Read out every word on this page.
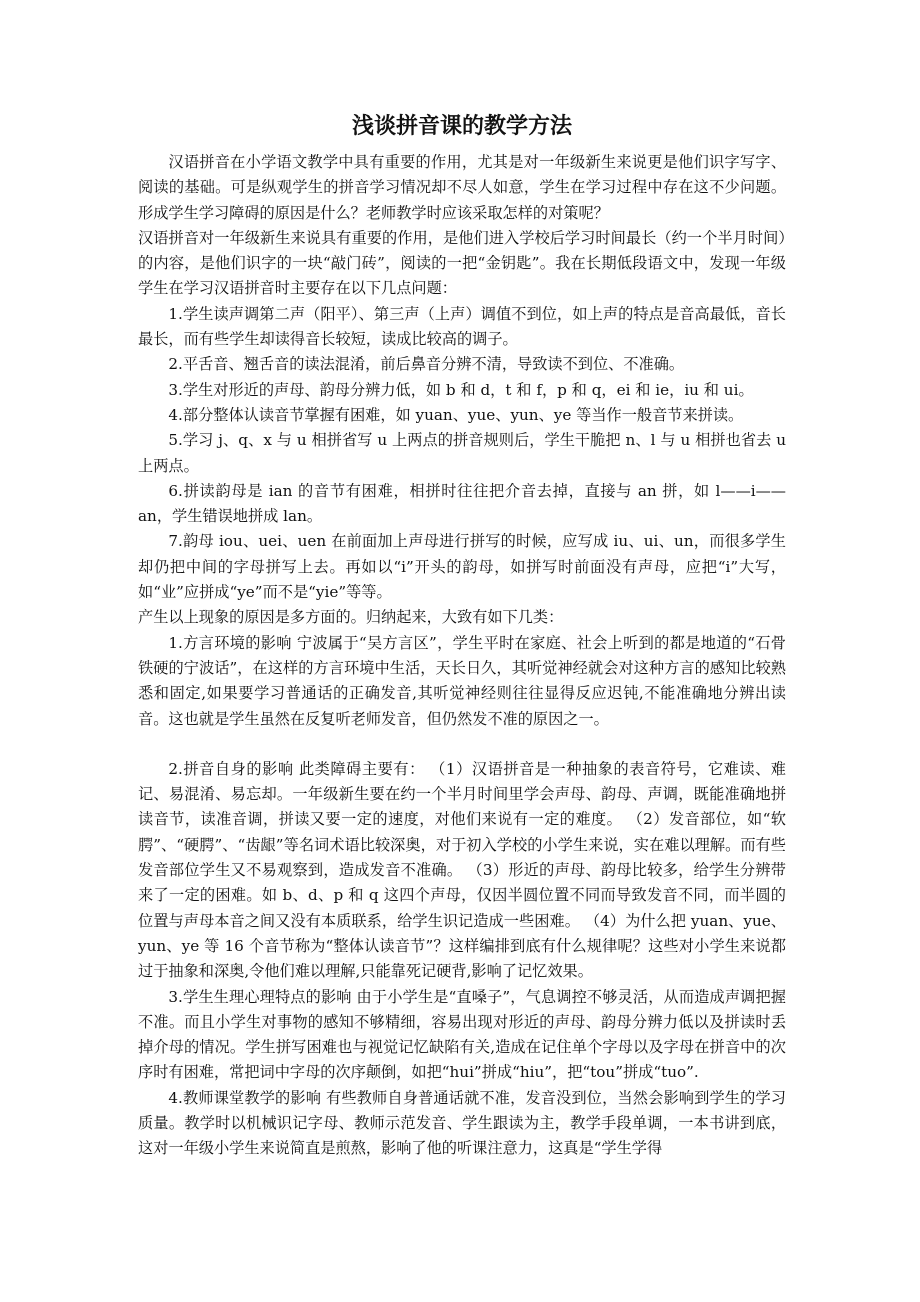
浅谈拼音课的教学方法

汉语拼音在小学语文教学中具有重要的作用，尤其是对一年级新生来说更是他们识字写字、阅读的基础。可是纵观学生的拼音学习情况却不尽人如意，学生在学习过程中存在这不少问题。形成学生学习障碍的原因是什么？老师教学时应该采取怎样的对策呢？

汉语拼音对一年级新生来说具有重要的作用，是他们进入学校后学习时间最长（约一个半月时间）的内容，是他们识字的一块“敲门砖”，阅读的一把“金钥匙”。我在长期低段语文中，发现一年级学生在学习汉语拼音时主要存在以下几点问题：

1.学生读声调第二声（阳平）、第三声（上声）调值不到位，如上声的特点是音高最低，音长最长，而有些学生却读得音长较短，读成比较高的调子。

2.平舌音、翘舌音的读法混淆，前后鼻音分辨不清，导致读不到位、不准确。

3.学生对形近的声母、韵母分辨力低，如 b 和 d，t 和 f，p 和 q，ei 和 ie，iu 和 ui。

4.部分整体认读音节掌握有困难，如 yuan、yue、yun、ye 等当作一般音节来拼读。

5.学习 j、q、x 与 u 相拼省写 u 上两点的拼音规则后，学生干脆把 n、l 与 u 相拼也省去 u 上两点。

6.拼读韵母是 ian 的音节有困难，相拼时往往把介音去掉，直接与 an 拼，如 l——i——an，学生错误地拼成 lan。

7.韵母 iou、uei、uen 在前面加上声母进行拼写的时候，应写成 iu、ui、un，而很多学生却仍把中间的字母拼写上去。再如以“i”开头的韵母，如拼写时前面没有声母，应把“i”大写，如“业”应拼成“ye”而不是“yie”等等。

产生以上现象的原因是多方面的。归纳起来，大致有如下几类：

1.方言环境的影响 宁波属于“吴方言区”，学生平时在家庭、社会上听到的都是地道的“石骨铁硬的宁波话”，在这样的方言环境中生活，天长日久，其听觉神经就会对这种方言的感知比较熟悉和固定,如果要学习普通话的正确发音,其听觉神经则往往显得反应迟钝,不能准确地分辨出读音。这也就是学生虽然在反复听老师发音，但仍然发不准的原因之一。

2.拼音自身的影响 此类障碍主要有： （1）汉语拼音是一种抽象的表音符号，它难读、难记、易混淆、易忘却。一年级新生要在约一个半月时间里学会声母、韵母、声调，既能准确地拼读音节，读准音调，拼读又要一定的速度，对他们来说有一定的难度。 （2）发音部位，如“软腭”、“硬腭”、“齿龈”等名词术语比较深奥，对于初入学校的小学生来说，实在难以理解。而有些发音部位学生又不易观察到，造成发音不准确。 （3）形近的声母、韵母比较多，给学生分辨带来了一定的困难。如 b、d、p 和 q 这四个声母，仅因半圆位置不同而导致发音不同，而半圆的位置与声母本音之间又没有本质联系，给学生识记造成一些困难。 （4）为什么把 yuan、yue、yun、ye 等 16 个音节称为“整体认读音节”？这样编排到底有什么规律呢？这些对小学生来说都过于抽象和深奥,令他们难以理解,只能靠死记硬背,影响了记忆效果。

3.学生生理心理特点的影响 由于小学生是“直嗓子”，气息调控不够灵活，从而造成声调把握不准。而且小学生对事物的感知不够精细，容易出现对形近的声母、韵母分辨力低以及拼读时丢掉介母的情况。学生拼写困难也与视觉记忆缺陷有关,造成在记住单个字母以及字母在拼音中的次序时有困难，常把词中字母的次序颠倒，如把“hui”拼成“hiu”，把“tou”拼成“tuo”.

4.教师课堂教学的影响 有些教师自身普通话就不准，发音没到位，当然会影响到学生的学习质量。教学时以机械识记字母、教师示范发音、学生跟读为主，教学手段单调，一本书讲到底，这对一年级小学生来说简直是煎熬，影响了他的听课注意力，这真是“学生学得
